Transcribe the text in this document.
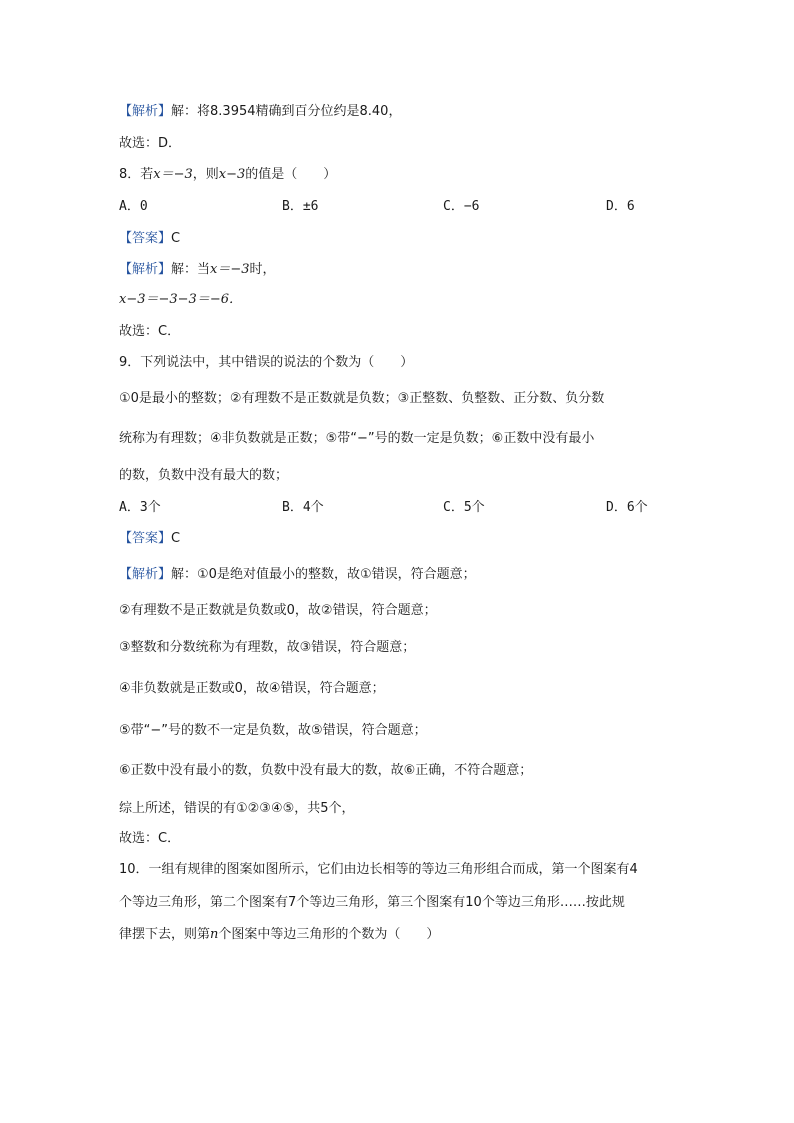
【解析】解：将8.3954精确到百分位约是8.40，
故选：D．
8．若x＝−3，则x−3的值是（　　）
A．0	B．±6	C．−6	D．6
【答案】C
【解析】解：当x＝−3时，
x−3＝−3−3＝−6．
故选：C．
9．下列说法中，其中错误的说法的个数为（　　）
①0是最小的整数；②有理数不是正数就是负数；③正整数、负整数、正分数、负分数
统称为有理数；④非负数就是正数；⑤带“−”号的数一定是负数；⑥正数中没有最小
的数，负数中没有最大的数；
A．3个	B．4个	C．5个	D．6个
【答案】C
【解析】解：①0是绝对值最小的整数，故①错误，符合题意；
②有理数不是正数就是负数或0，故②错误，符合题意；
③整数和分数统称为有理数，故③错误，符合题意；
④非负数就是正数或0，故④错误，符合题意；
⑤带“−”号的数不一定是负数，故⑤错误，符合题意；
⑥正数中没有最小的数，负数中没有最大的数，故⑥正确，不符合题意；
综上所述，错误的有①②③④⑤，共5个，
故选：C．
10．一组有规律的图案如图所示，它们由边长相等的等边三角形组合而成，第一个图案有4
个等边三角形，第二个图案有7个等边三角形，第三个图案有10个等边三角形……按此规
律摆下去，则第n个图案中等边三角形的个数为（　　）
